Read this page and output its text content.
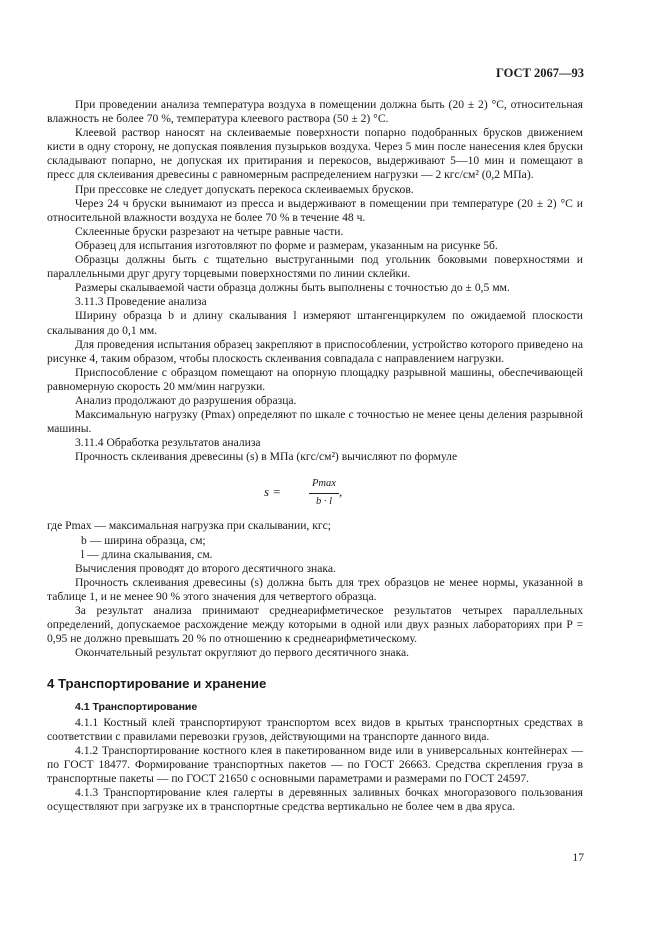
ГОСТ 2067—93

При проведении анализа температура воздуха в помещении должна быть (20 ± 2) °С, относительная влажность не более 70 %, температура клеевого раствора (50 ± 2) °С.

Клеевой раствор наносят на склеиваемые поверхности попарно подобранных брусков движением кисти в одну сторону, не допуская появления пузырьков воздуха. Через 5 мин после нанесения клея бруски складывают попарно, не допуская их притирания и перекосов, выдерживают 5—10 мин и помещают в пресс для склеивания древесины с равномерным распределением нагрузки — 2 кгс/см² (0,2 МПа).

При прессовке не следует допускать перекоса склеиваемых брусков.

Через 24 ч бруски вынимают из пресса и выдерживают в помещении при температуре (20 ± 2) °С и относительной влажности воздуха не более 70 % в течение 48 ч.

Склеенные бруски разрезают на четыре равные части.

Образец для испытания изготовляют по форме и размерам, указанным на рисунке 5б.

Образцы должны быть с тщательно выструганными под угольник боковыми поверхностями и параллельными друг другу торцевыми поверхностями по линии склейки.

Размеры скалываемой части образца должны быть выполнены с точностью до ± 0,5 мм.

3.11.3 Проведение анализа

Ширину образца b и длину скалывания l измеряют штангенциркулем по ожидаемой плоскости скалывания до 0,1 мм.

Для проведения испытания образец закрепляют в приспособлении, устройство которого приведено на рисунке 4, таким образом, чтобы плоскость склеивания совпадала с направлением нагрузки.

Приспособление с образцом помещают на опорную площадку разрывной машины, обеспечивающей равномерную скорость 20 мм/мин нагрузки.

Анализ продолжают до разрушения образца.

Максимальную нагрузку (Pmax) определяют по шкале с точностью не менее цены деления разрывной машины.

3.11.4 Обработка результатов анализа

Прочность склеивания древесины (s) в МПа (кгс/см²) вычисляют по формуле

s =
Pmax
b · l
,

где Pmax — максимальная нагрузка при скалывании, кгс;

b — ширина образца, см;

l — длина скалывания, см.

Вычисления проводят до второго десятичного знака.

Прочность склеивания древесины (s) должна быть для трех образцов не менее нормы, указанной в таблице 1, и не менее 90 % этого значения для четвертого образца.

За результат анализа принимают среднеарифметическое результатов четырех параллельных определений, допускаемое расхождение между которыми в одной или двух разных лабораториях при P = 0,95 не должно превышать 20 % по отношению к среднеарифметическому.

Окончательный результат округляют до первого десятичного знака.

4 Транспортирование и хранение
4.1 Транспортирование

4.1.1 Костный клей транспортируют транспортом всех видов в крытых транспортных средствах в соответствии с правилами перевозки грузов, действующими на транспорте данного вида.

4.1.2 Транспортирование костного клея в пакетированном виде или в универсальных контейнерах — по ГОСТ 18477. Формирование транспортных пакетов — по ГОСТ 26663. Средства скрепления груза в транспортные пакеты — по ГОСТ 21650 с основными параметрами и размерами по ГОСТ 24597.

4.1.3 Транспортирование клея галерты в деревянных заливных бочках многоразового пользования осуществляют при загрузке их в транспортные средства вертикально не более чем в два яруса.

17
